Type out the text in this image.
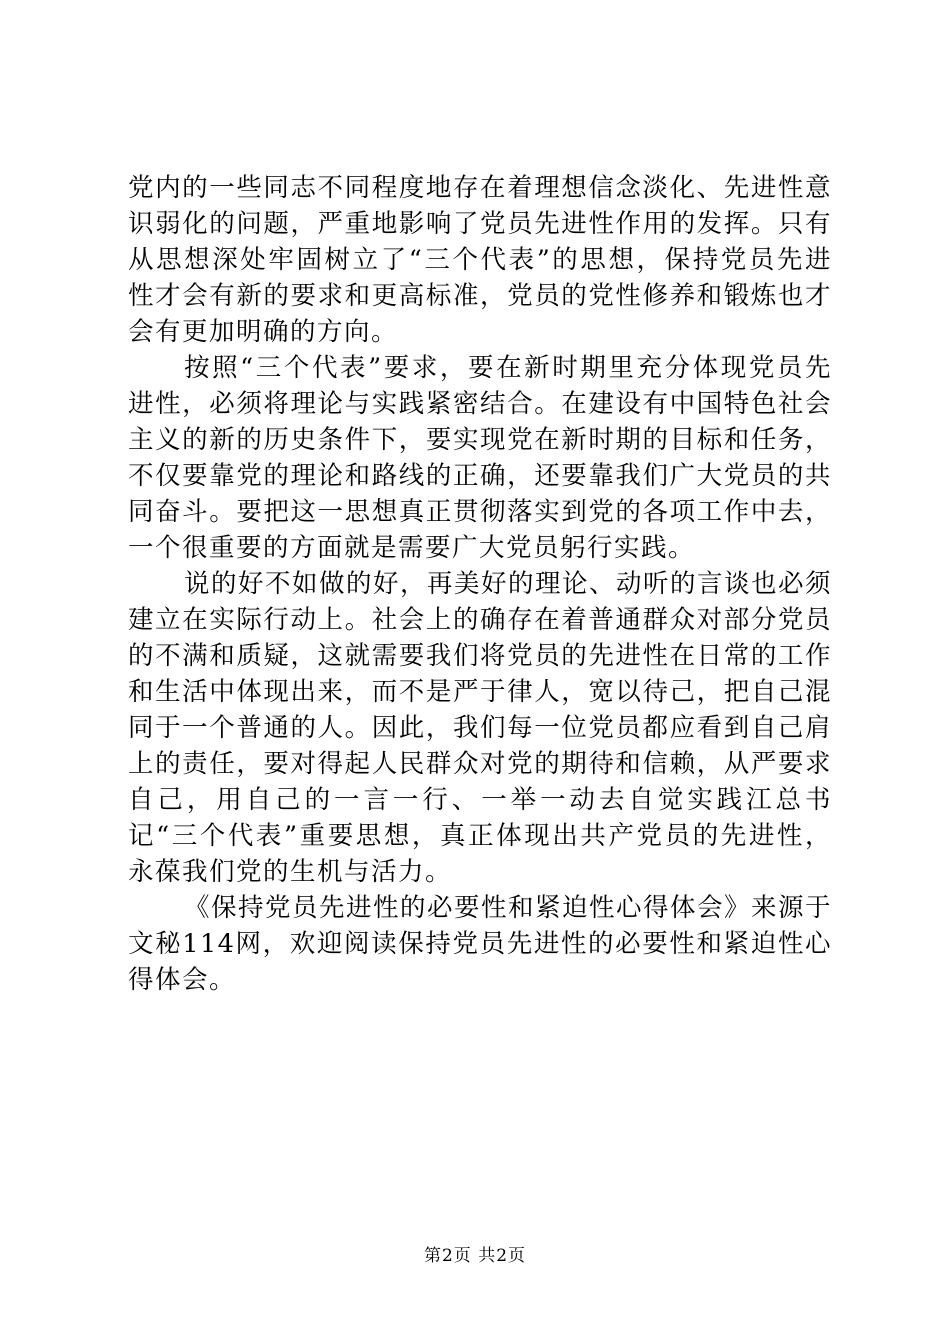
党内的一些同志不同程度地存在着理想信念淡化、先进性意识弱化的问题，严重地影响了党员先进性作用的发挥。只有从思想深处牢固树立了“三个代表”的思想，保持党员先进性才会有新的要求和更高标准，党员的党性修养和锻炼也才会有更加明确的方向。

按照“三个代表”要求，要在新时期里充分体现党员先进性，必须将理论与实践紧密结合。在建设有中国特色社会主义的新的历史条件下，要实现党在新时期的目标和任务，不仅要靠党的理论和路线的正确，还要靠我们广大党员的共同奋斗。要把这一思想真正贯彻落实到党的各项工作中去，一个很重要的方面就是需要广大党员躬行实践。

说的好不如做的好，再美好的理论、动听的言谈也必须建立在实际行动上。社会上的确存在着普通群众对部分党员的不满和质疑，这就需要我们将党员的先进性在日常的工作和生活中体现出来，而不是严于律人，宽以待己，把自己混同于一个普通的人。因此，我们每一位党员都应看到自己肩上的责任，要对得起人民群众对党的期待和信赖，从严要求自己，用自己的一言一行、一举一动去自觉实践江总书记“三个代表”重要思想，真正体现出共产党员的先进性，永葆我们党的生机与活力。

《保持党员先进性的必要性和紧迫性心得体会》来源于文秘114网，欢迎阅读保持党员先进性的必要性和紧迫性心得体会。

第2页 共2页
